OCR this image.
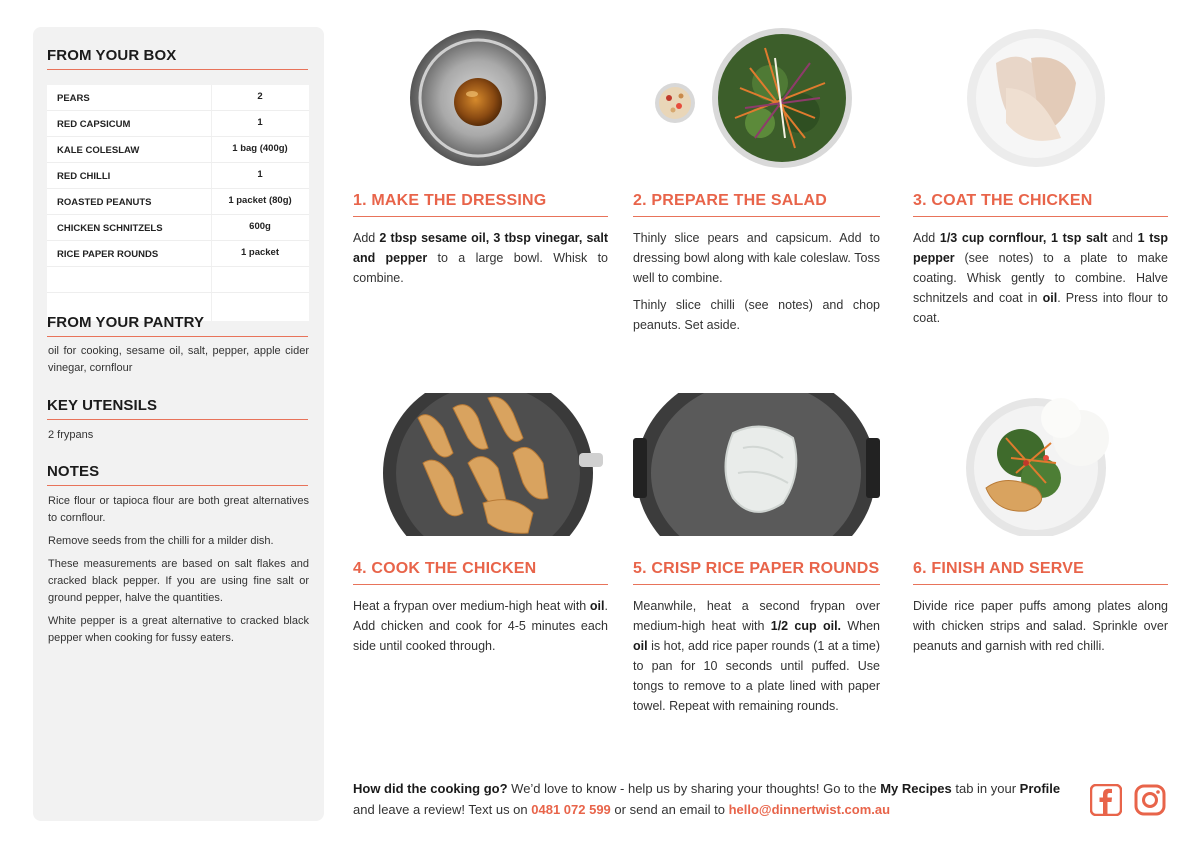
FROM YOUR BOX
PEARS	2
RED CAPSICUM	1
KALE COLESLAW	1 bag (400g)
RED CHILLI	1
ROASTED PEANUTS	1 packet (80g)
CHICKEN SCHNITZELS	600g
RICE PAPER ROUNDS	1 packet
FROM YOUR PANTRY
oil for cooking, sesame oil, salt, pepper, apple cider vinegar, cornflour
KEY UTENSILS
2 frypans
NOTES

Rice flour or tapioca flour are both great alternatives to cornflour.

Remove seeds from the chilli for a milder dish.

These measurements are based on salt flakes and cracked black pepper. If you are using fine salt or ground pepper, halve the quantities.

White pepper is a great alternative to cracked black pepper when cooking for fussy eaters.

1. MAKE THE DRESSING

Add 2 tbsp sesame oil, 3 tbsp vinegar, salt and pepper to a large bowl. Whisk to combine.

2. PREPARE THE SALAD

Thinly slice pears and capsicum. Add to dressing bowl along with kale coleslaw. Toss well to combine.

Thinly slice chilli (see notes) and chop peanuts. Set aside.

3. COAT THE CHICKEN

Add 1/3 cup cornflour, 1 tsp salt and 1 tsp pepper (see notes) to a plate to make coating. Whisk gently to combine. Halve schnitzels and coat in oil. Press into flour to coat.

4. COOK THE CHICKEN

Heat a frypan over medium-high heat with oil. Add chicken and cook for 4-5 minutes each side until cooked through.

5. CRISP RICE PAPER ROUNDS

Meanwhile, heat a second frypan over medium-high heat with 1/2 cup oil. When oil is hot, add rice paper rounds (1 at a time) to pan for 10 seconds until puffed. Use tongs to remove to a plate lined with paper towel. Repeat with remaining rounds.

6. FINISH AND SERVE

Divide rice paper puffs among plates along with chicken strips and salad. Sprinkle over peanuts and garnish with red chilli.

How did the cooking go? We’d love to know - help us by sharing your thoughts! Go to the My Recipes tab in your Profile and leave a review! Text us on 0481 072 599 or send an email to hello@dinnertwist.com.au
